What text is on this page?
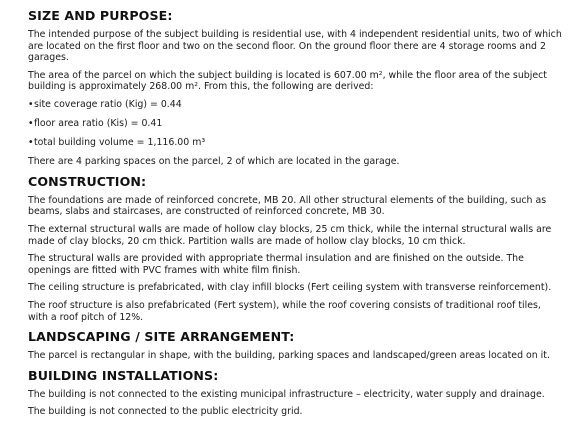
SIZE AND PURPOSE:

The intended purpose of the subject building is residential use, with 4 independent residential units, two of which are located on the first floor and two on the second floor. On the ground floor there are 4 storage rooms and 2 garages.

The area of the parcel on which the subject building is located is 607.00 m², while the floor area of the subject building is approximately 268.00 m². From this, the following are derived:

• site coverage ratio (Kig) = 0.44
• floor area ratio (Kis) = 0.41
• total building volume = 1,116.00 m³

There are 4 parking spaces on the parcel, 2 of which are located in the garage.

CONSTRUCTION:

The foundations are made of reinforced concrete, MB 20. All other structural elements of the building, such as beams, slabs and staircases, are constructed of reinforced concrete, MB 30.

The external structural walls are made of hollow clay blocks, 25 cm thick, while the internal structural walls are made of clay blocks, 20 cm thick. Partition walls are made of hollow clay blocks, 10 cm thick.

The structural walls are provided with appropriate thermal insulation and are finished on the outside. The openings are fitted with PVC frames with white film finish.

The ceiling structure is prefabricated, with clay infill blocks (Fert ceiling system with transverse reinforcement).

The roof structure is also prefabricated (Fert system), while the roof covering consists of traditional roof tiles, with a roof pitch of 12%.

LANDSCAPING / SITE ARRANGEMENT:

The parcel is rectangular in shape, with the building, parking spaces and landscaped/green areas located on it.

BUILDING INSTALLATIONS:

The building is not connected to the existing municipal infrastructure – electricity, water supply and drainage.

The building is not connected to the public electricity grid.
